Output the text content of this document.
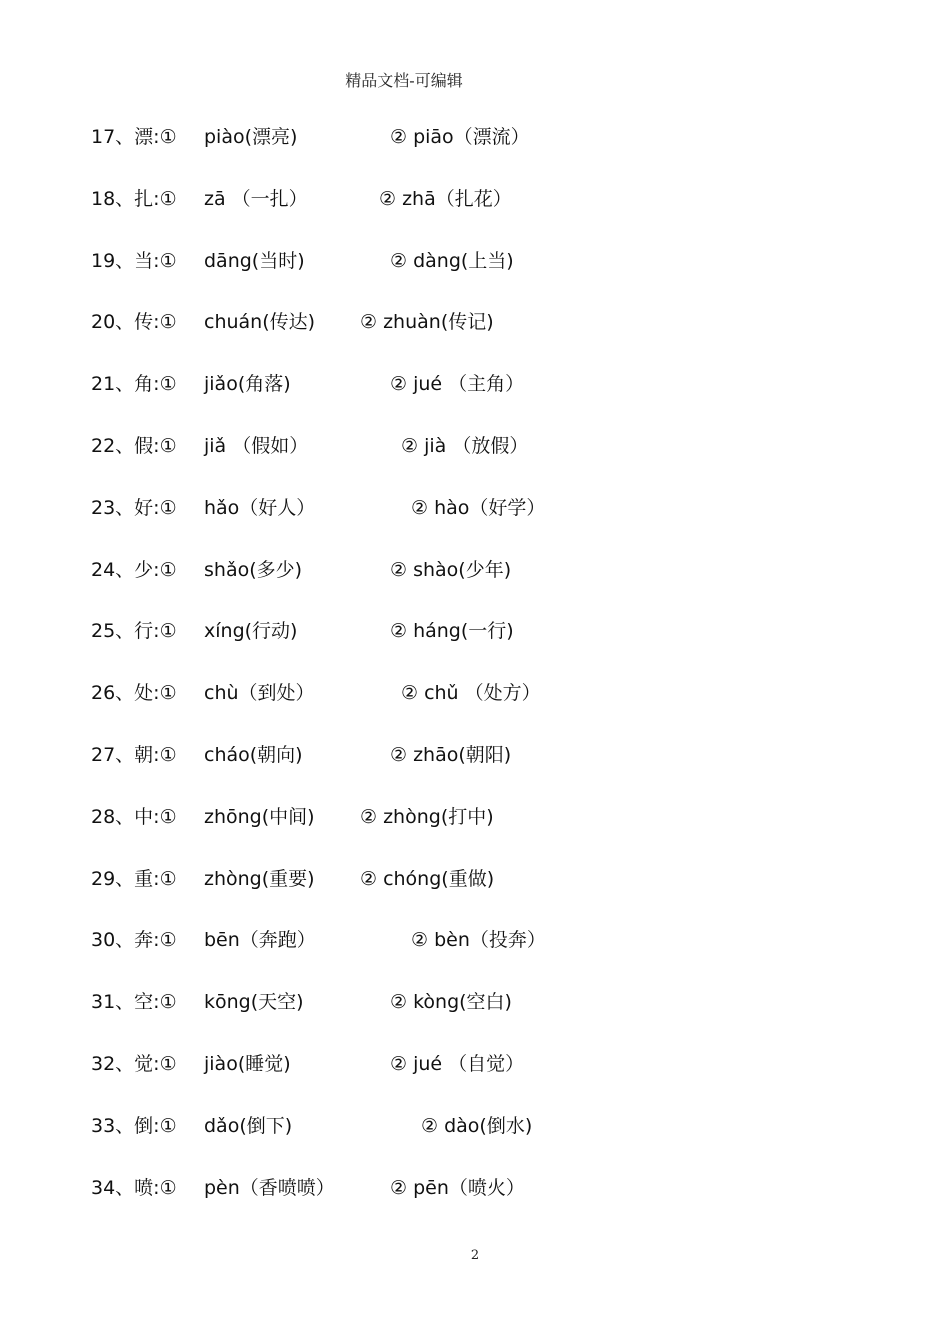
精品文档-可编辑
17、漂:① piào(漂亮)	② piāo（漂流）
18、扎:① zā （一扎）	② zhā（扎花）
19、当:① dāng(当时)	② dàng(上当)
20、传:① chuán(传达) ② zhuàn(传记)
21、角:① jiǎo(角落)	② jué （主角）
22、假:① jiǎ （假如）	② jià （放假）
23、好:① hǎo（好人）	② hào（好学）
24、少:① shǎo(多少)	② shào(少年)
25、行:① xíng(行动)	② háng(一行)
26、处:① chù（到处）	② chǔ （处方）
27、朝:① cháo(朝向)	② zhāo(朝阳)
28、中:① zhōng(中间) ② zhòng(打中)
29、重:① zhòng(重要) ② chóng(重做)
30、奔:① bēn（奔跑）	② bèn（投奔）
31、空:① kōng(天空)	② kòng(空白)
32、觉:① jiào(睡觉)	② jué （自觉）
33、倒:① dǎo(倒下)	② dào(倒水)
34、喷:① pèn（香喷喷）	② pēn（喷火）
2
